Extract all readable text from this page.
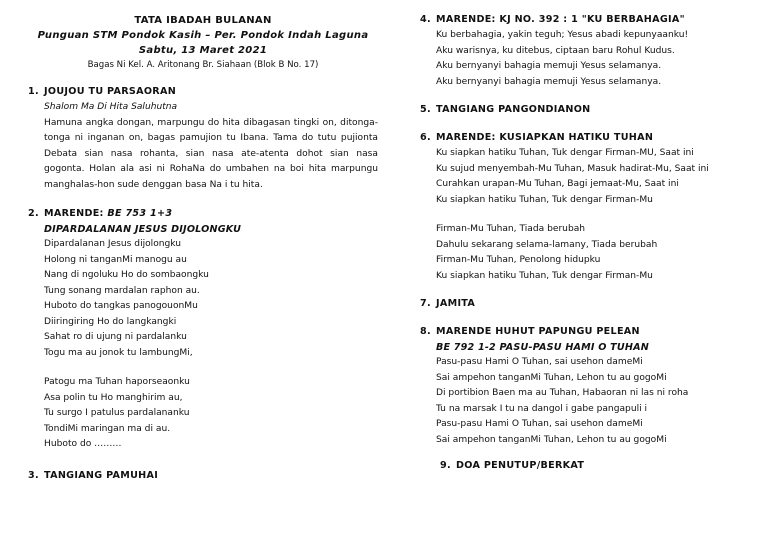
TATA IBADAH BULANAN
Punguan STM Pondok Kasih – Per. Pondok Indah Laguna
Sabtu, 13 Maret 2021
Bagas Ni Kel. A. Aritonang Br. Siahaan (Blok B No. 17)
1. JOUJOU TU PARSAORAN
Shalom Ma Di Hita Saluhutna
Hamuna angka dongan, marpungu do hita dibagasan tingki on, ditonga-tonga ni inganan on, bagas pamujion tu Ibana. Tama do tutu pujionta Debata sian nasa rohanta, sian nasa ate-atenta dohot sian nasa gogonta. Holan ala asi ni RohaNa do umbahen na boi hita marpungu manghalas-hon sude denggan basa Na i tu hita.
2. MARENDE: BE 753 1+3
DIPARDALANAN JESUS DIJOLONGKU
Dipardalanan Jesus dijolongku
Holong ni tanganMi manogu au
Nang di ngoluku Ho do sombaongku
Tung sonang mardalan raphon au.
Huboto do tangkas panogouonMu
Diiringiring Ho do langkangki
Sahat ro di ujung ni pardalanku
Togu ma au jonok tu lambungMi,
Patogu ma Tuhan haporseaonku
Asa polin tu Ho manghirim au,
Tu surgo I patulus pardalananku
TondiMi maringan ma di au.
Huboto do ………
3. TANGIANG PAMUHAI
4. MARENDE: KJ NO. 392 : 1 "KU BERBAHAGIA"
Ku berbahagia, yakin teguh; Yesus abadi kepunyaanku!
Aku warisnya, ku ditebus, ciptaan baru Rohul Kudus.
Aku bernyanyi bahagia memuji Yesus selamanya.
Aku bernyanyi bahagia memuji Yesus selamanya.
5. TANGIANG PANGONDIANON
6. MARENDE: KUSIAPKAN HATIKU TUHAN
Ku siapkan hatiku Tuhan, Tuk dengar Firman-MU, Saat ini
Ku sujud menyembah-Mu Tuhan, Masuk hadirat-Mu, Saat ini
Curahkan urapan-Mu Tuhan, Bagi jemaat-Mu, Saat ini
Ku siapkan hatiku Tuhan, Tuk dengar Firman-Mu
Firman-Mu Tuhan, Tiada berubah
Dahulu sekarang selama-lamany, Tiada berubah
Firman-Mu Tuhan, Penolong hidupku
Ku siapkan hatiku Tuhan, Tuk dengar Firman-Mu
7. JAMITA
8. MARENDE HUHUT PAPUNGU PELEAN
BE 792 1-2 PASU-PASU HAMI O TUHAN
Pasu-pasu Hami O Tuhan, sai usehon dameMi
Sai ampehon tanganMi Tuhan, Lehon tu au gogoMi
Di portibion Baen ma au Tuhan, Habaoran ni las ni roha
Tu na marsak I tu na dangol i gabe pangapuli i
Pasu-pasu Hami O Tuhan, sai usehon dameMi
Sai ampehon tanganMi Tuhan, Lehon tu au gogoMi
9. DOA PENUTUP/BERKAT
